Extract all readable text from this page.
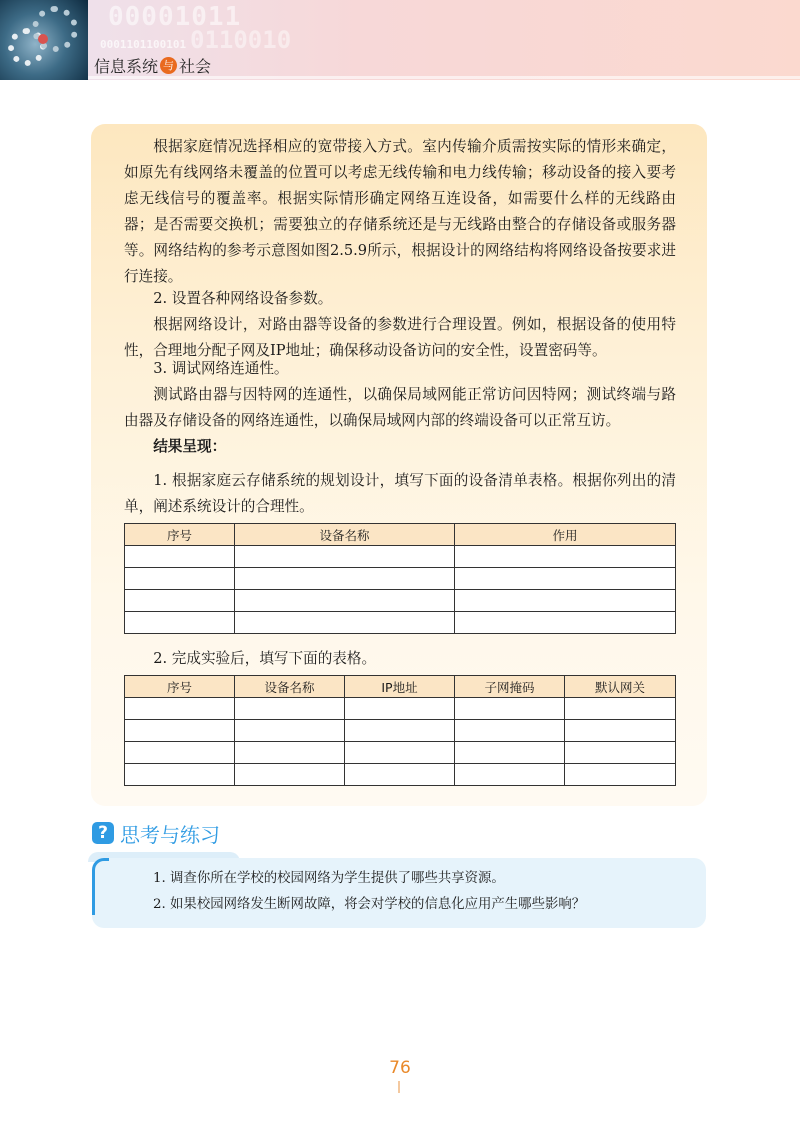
00001011
0001101100101 0110010
信息系统 与 社会

根据家庭情况选择相应的宽带接入方式。室内传输介质需按实际的情形来确定，如原先有线网络未覆盖的位置可以考虑无线传输和电力线传输；移动设备的接入要考虑无线信号的覆盖率。根据实际情形确定网络互连设备，如需要什么样的无线路由器；是否需要交换机；需要独立的存储系统还是与无线路由整合的存储设备或服务器等。网络结构的参考示意图如图2.5.9所示，根据设计的网络结构将网络设备按要求进行连接。

2. 设置各种网络设备参数。

根据网络设计，对路由器等设备的参数进行合理设置。例如，根据设备的使用特性，合理地分配子网及IP地址；确保移动设备访问的安全性，设置密码等。

3. 调试网络连通性。

测试路由器与因特网的连通性，以确保局域网能正常访问因特网；测试终端与路由器及存储设备的网络连通性，以确保局域网内部的终端设备可以正常互访。

结果呈现：

1. 根据家庭云存储系统的规划设计，填写下面的设备清单表格。根据你列出的清单，阐述系统设计的合理性。

序号	设备名称	作用

2. 完成实验后，填写下面的表格。

序号	设备名称	IP地址	子网掩码	默认网关

? 思考与练习
1. 调查你所在学校的校园网络为学生提供了哪些共享资源。
2. 如果校园网络发生断网故障，将会对学校的信息化应用产生哪些影响？
76
